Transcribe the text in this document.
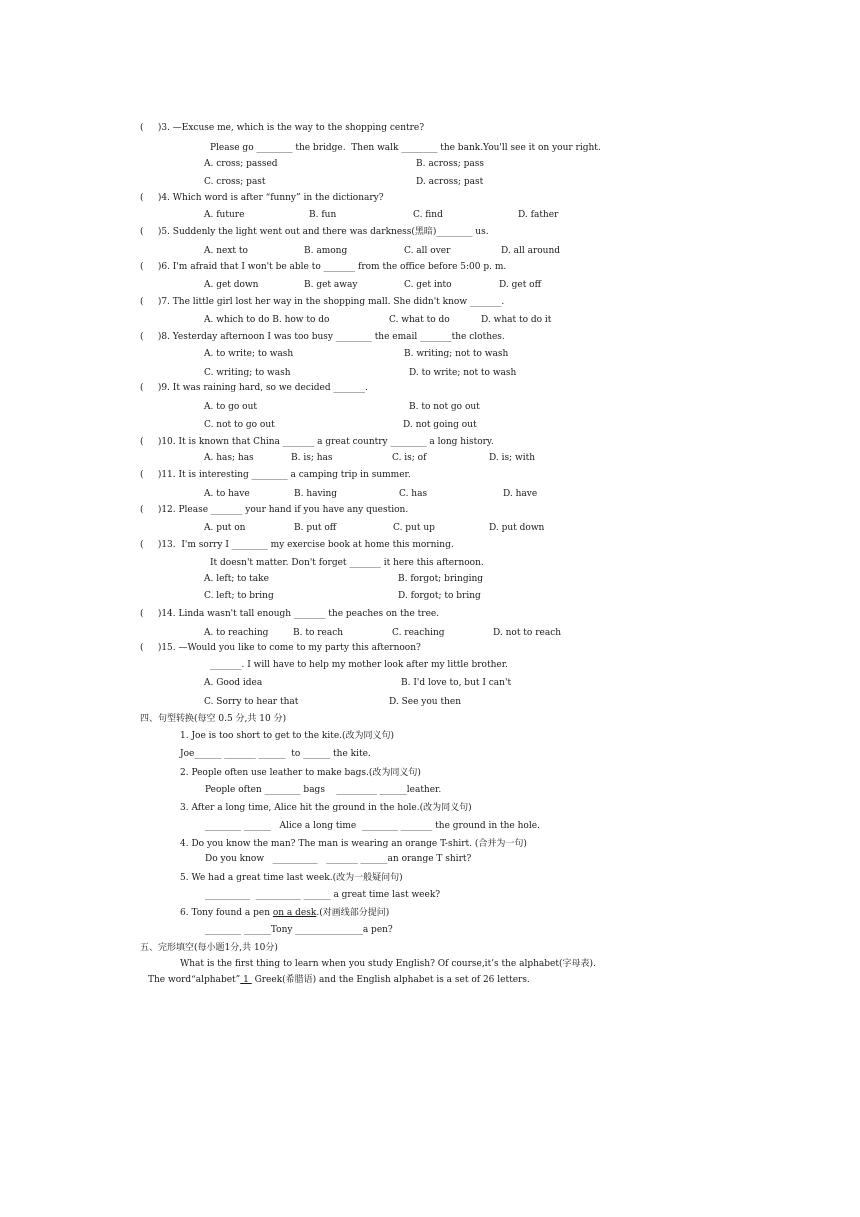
(     )3. —Excuse me, which is the way to the shopping centre?
Please go ________ the bridge.  Then walk ________ the bank.You'll see it on your right.
A. cross; passed	B. across; pass
C. cross; past	D. across; past
(     )4. Which word is after “funny” in the dictionary?
A. future	B. fun	C. find	D. father
(     )5. Suddenly the light went out and there was darkness(黑暗)________ us.
A. next to	B. among	C. all over	D. all around
(     )6. I'm afraid that I won't be able to _______ from the office before 5:00 p. m.
A. get down	B. get away	C. get into	D. get off
(     )7. The little girl lost her way in the shopping mall. She didn't know _______.
A. which to do B. how to do	C. what to do	D. what to do it
(     )8. Yesterday afternoon I was too busy ________ the email _______the clothes.
A. to write; to wash	B. writing; not to wash
C. writing; to wash	D. to write; not to wash
(     )9. It was raining hard, so we decided _______.
A. to go out	B. to not go out
C. not to go out	D. not going out
(     )10. It is known that China _______ a great country ________ a long history.
A. has; has	B. is; has	C. is; of	D. is; with
(     )11. It is interesting ________ a camping trip in summer.
A. to have	B. having	C. has	D. have
(     )12. Please _______ your hand if you have any question.
A. put on	B. put off	C. put up	D. put down
(     )13.  I'm sorry I ________ my exercise book at home this morning.
It doesn't matter. Don't forget _______ it here this afternoon.
A. left; to take	B. forgot; bringing
C. left; to bring	D. forgot; to bring
(     )14. Linda wasn't tall enough _______ the peaches on the tree.
A. to reaching	B. to reach	C. reaching	D. not to reach
(     )15. —Would you like to come to my party this afternoon?
_______. I will have to help my mother look after my little brother.
A. Good idea	B. I'd love to, but I can't
C. Sorry to hear that	D. See you then
四、句型转换(每空 0.5 分,共 10 分)
1. Joe is too short to get to the kite.(改为同义句)
Joe______ _______ ______  to ______ the kite.
2. People often use leather to make bags.(改为同义句)
People often ________ bags    _________ ______leather.
3. After a long time, Alice hit the ground in the hole.(改为同义句)
________ ______   Alice a long time  ________ _______ the ground in the hole.
4. Do you know the man? The man is wearing an orange T-shirt. (合并为一句)
Do you know   __________   _______ ______an orange T shirt?
5. We had a great time last week.(改为一般疑问句)
__________  __________ ______ a great time last week?
6. Tony found a pen on a desk.(对画线部分提问)
________ ______Tony _______________a pen?
五、完形填空(每小题1分,共 10分)
What is the first thing to learn when you study English? Of course,it’s the alphabet(字母表).
The word“alphabet” 1  Greek(希腊语) and the English alphabet is a set of 26 letters.
